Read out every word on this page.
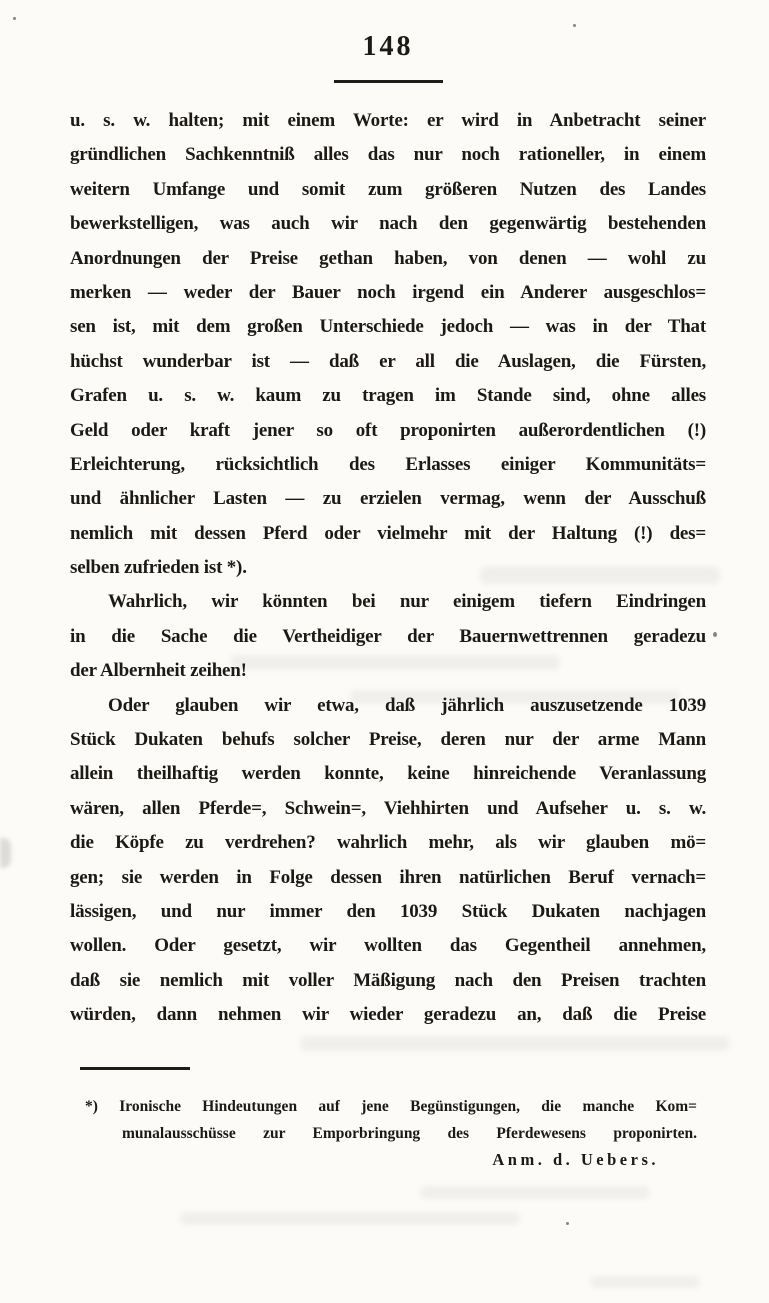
148
u. s. w. halten; mit einem Worte: er wird in Anbetracht seiner
gründlichen Sachkenntniß alles das nur noch rationeller, in einem
weitern Umfange und somit zum größeren Nutzen des Landes
bewerkstelligen, was auch wir nach den gegenwärtig bestehenden
Anordnungen der Preise gethan haben, von denen — wohl zu
merken — weder der Bauer noch irgend ein Anderer ausgeschlos=
sen ist, mit dem großen Unterschiede jedoch — was in der That
hüchst wunderbar ist — daß er all die Auslagen, die Fürsten,
Grafen u. s. w. kaum zu tragen im Stande sind, ohne alles
Geld oder kraft jener so oft proponirten außerordentlichen (!)
Erleichterung, rücksichtlich des Erlasses einiger Kommunitäts=
und ähnlicher Lasten — zu erzielen vermag, wenn der Ausschuß
nemlich mit dessen Pferd oder vielmehr mit der Haltung (!) des=
selben zufrieden ist *).
Wahrlich, wir könnten bei nur einigem tiefern Eindringen
in die Sache die Vertheidiger der Bauernwettrennen geradezu
der Albernheit zeihen!
Oder glauben wir etwa, daß jährlich auszusetzende 1039
Stück Dukaten behufs solcher Preise, deren nur der arme Mann
allein theilhaftig werden konnte, keine hinreichende Veranlassung
wären, allen Pferde=, Schwein=, Viehhirten und Aufseher u. s. w.
die Köpfe zu verdrehen? wahrlich mehr, als wir glauben mö=
gen; sie werden in Folge dessen ihren natürlichen Beruf vernach=
lässigen, und nur immer den 1039 Stück Dukaten nachjagen
wollen. Oder gesetzt, wir wollten das Gegentheil annehmen,
daß sie nemlich mit voller Mäßigung nach den Preisen trachten
würden, dann nehmen wir wieder geradezu an, daß die Preise
*) Ironische Hindeutungen auf jene Begünstigungen, die manche Kom=
munalausschüsse zur Emporbringung des Pferdewesens proponirten.
Anm. d. Uebers.
